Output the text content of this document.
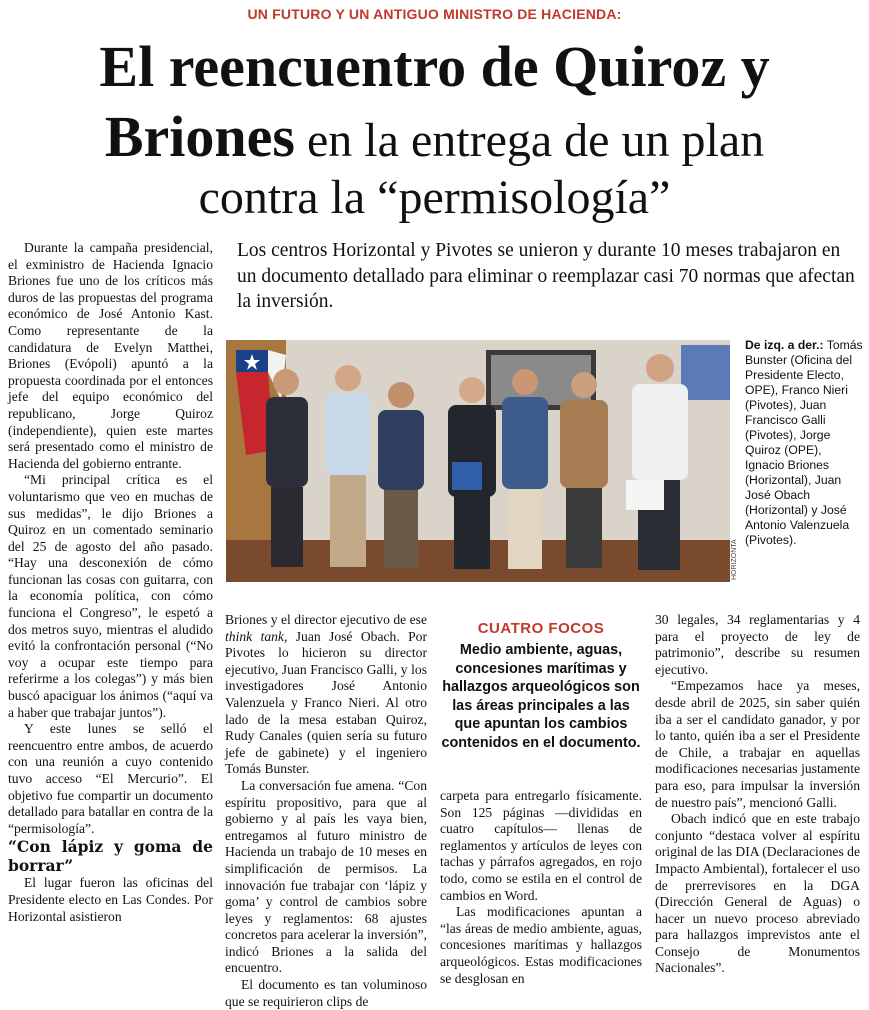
UN FUTURO Y UN ANTIGUO MINISTRO DE HACIENDA:
El reencuentro de Quiroz y
Briones en la entrega de un plan
contra la “permisología”
Los centros Horizontal y Pivotes se unieron y durante 10 meses trabajaron en un documento detallado para eliminar o reemplazar casi 70 normas que afectan la inversión.
HORIZONTA
De izq. a der.: Tomás Bunster (Oficina del Presidente Electo, OPE), Franco Nieri (Pivotes), Juan Francisco Galli (Pivotes), Jorge Quiroz (OPE), Ignacio Briones (Horizontal), Juan José Obach (Horizontal) y José Antonio Valenzuela (Pivotes).

Durante la campaña presidencial, el exministro de Hacienda Ignacio Briones fue uno de los críticos más duros de las propuestas del programa económico de José Antonio Kast. Como representante de la candidatura de Evelyn Matthei, Briones (Evópoli) apuntó a la propuesta coordinada por el entonces jefe del equipo económico del republicano, Jorge Quiroz (independiente), quien este martes será presentado como el ministro de Hacienda del gobierno entrante.

“Mi principal crítica es el voluntarismo que veo en muchas de sus medidas”, le dijo Briones a Quiroz en un comentado seminario del 25 de agosto del año pasado. “Hay una desconexión de cómo funcionan las cosas con guitarra, con la economía política, con cómo funciona el Congreso”, le espetó a dos metros suyo, mientras el aludido evitó la confrontación personal (“No voy a ocupar este tiempo para referirme a los colegas”) y más bien buscó apaciguar los ánimos (“aquí va a haber que trabajar juntos”).

Y este lunes se selló el reencuentro entre ambos, de acuerdo con una reunión a cuyo contenido tuvo acceso “El Mercurio”. El objetivo fue compartir un documento detallado para batallar en contra de la “permisología”.

“Con lápiz y goma de borrar”

El lugar fueron las oficinas del Presidente electo en Las Condes. Por Horizontal asistieron

Briones y el director ejecutivo de ese think tank, Juan José Obach. Por Pivotes lo hicieron su director ejecutivo, Juan Francisco Galli, y los investigadores José Antonio Valenzuela y Franco Nieri. Al otro lado de la mesa estaban Quiroz, Rudy Canales (quien sería su futuro jefe de gabinete) y el ingeniero Tomás Bunster.

La conversación fue amena. “Con espíritu propositivo, para que al gobierno y al país les vaya bien, entregamos al futuro ministro de Hacienda un trabajo de 10 meses en simplificación de permisos. La innovación fue trabajar con ‘lápiz y goma’ y control de cambios sobre leyes y reglamentos: 68 ajustes concretos para acelerar la inversión”, indicó Briones a la salida del encuentro.

El documento es tan voluminoso que se requirieron clips de

CUATRO FOCOS
Medio ambiente, aguas, concesiones marítimas y hallazgos arqueológicos son las áreas principales a las que apuntan los cambios contenidos en el documento.

carpeta para entregarlo físicamente. Son 125 páginas —divididas en cuatro capítulos— llenas de reglamentos y artículos de leyes con tachas y párrafos agregados, en rojo todo, como se estila en el control de cambios en Word.

Las modificaciones apuntan a “las áreas de medio ambiente, aguas, concesiones marítimas y hallazgos arqueológicos. Estas modificaciones se desglosan en

30 legales, 34 reglamentarias y 4 para el proyecto de ley de patrimonio”, describe su resumen ejecutivo.

“Empezamos hace ya meses, desde abril de 2025, sin saber quién iba a ser el candidato ganador, y por lo tanto, quién iba a ser el Presidente de Chile, a trabajar en aquellas modificaciones necesarias justamente para eso, para impulsar la inversión de nuestro país”, mencionó Galli.

Obach indicó que en este trabajo conjunto “destaca volver al espíritu original de las DIA (Declaraciones de Impacto Ambiental), fortalecer el uso de prerrevisores en la DGA (Dirección General de Aguas) o hacer un nuevo proceso abreviado para hallazgos imprevistos ante el Consejo de Monumentos Nacionales”.
